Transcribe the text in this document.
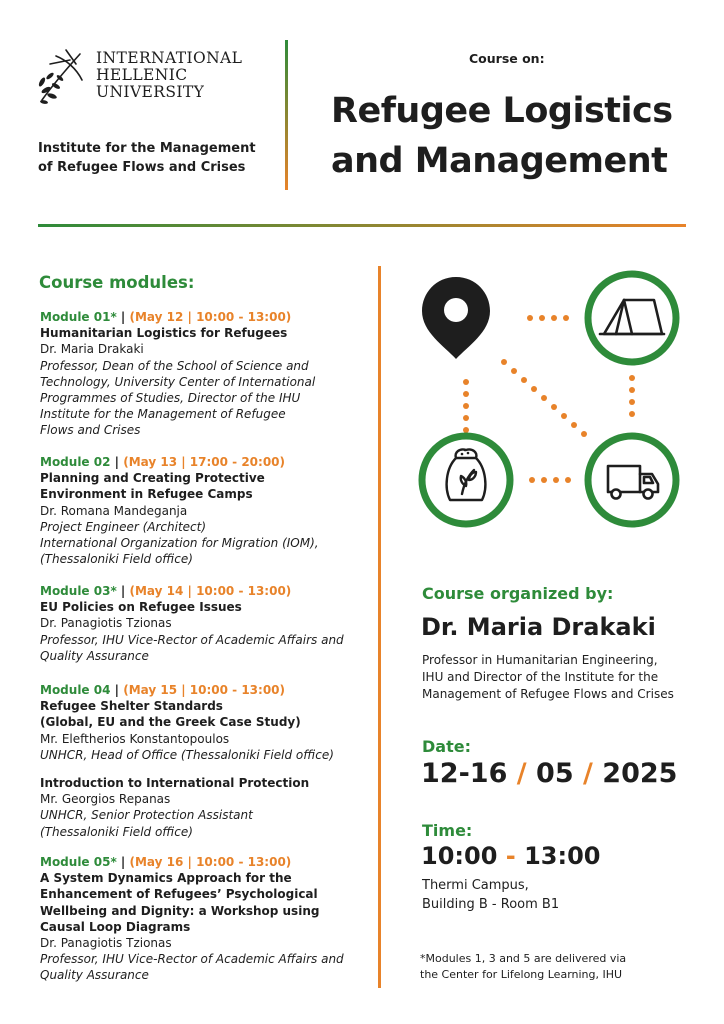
INTERNATIONAL
HELLENIC
UNIVERSITY
Institute for the Management
of Refugee Flows and Crises
Course on:
Refugee Logistics
and Management
Course modules:
Module 01* | (May 12 | 10:00 - 13:00)
Humanitarian Logistics for Refugees
Dr. Maria Drakaki
Professor, Dean of the School of Science and
Technology, University Center of International
Programmes of Studies, Director of the IHU
Institute for the Management of Refugee
Flows and Crises
Module 02 | (May 13 | 17:00 - 20:00)
Planning and Creating Protective
Environment in Refugee Camps
Dr. Romana Mandeganja
Project Engineer (Architect)
International Organization for Migration (IOM),
(Thessaloniki Field office)
Module 03* | (May 14 | 10:00 - 13:00)
EU Policies on Refugee Issues
Dr. Panagiotis Tzionas
Professor, IHU Vice-Rector of Academic Affairs and
Quality Assurance
Module 04 | (May 15 | 10:00 - 13:00)
Refugee Shelter Standards
(Global, EU and the Greek Case Study)
Mr. Eleftherios Konstantopoulos
UNHCR, Head of Office (Thessaloniki Field office)
Introduction to International Protection
Mr. Georgios Repanas
UNHCR, Senior Protection Assistant
(Thessaloniki Field office)
Module 05* | (May 16 | 10:00 - 13:00)
A System Dynamics Approach for the
Enhancement of Refugees’ Psychological
Wellbeing and Dignity: a Workshop using
Causal Loop Diagrams
Dr. Panagiotis Tzionas
Professor, IHU Vice-Rector of Academic Affairs and
Quality Assurance
Course organized by:
Dr. Maria Drakaki
Professor in Humanitarian Engineering,
IHU and Director of the Institute for the
Management of Refugee Flows and Crises
Date:
12-16 / 05 / 2025
Time:
10:00 - 13:00
Thermi Campus,
Building B - Room B1
*Modules 1, 3 and 5 are delivered via
the Center for Lifelong Learning, IHU
